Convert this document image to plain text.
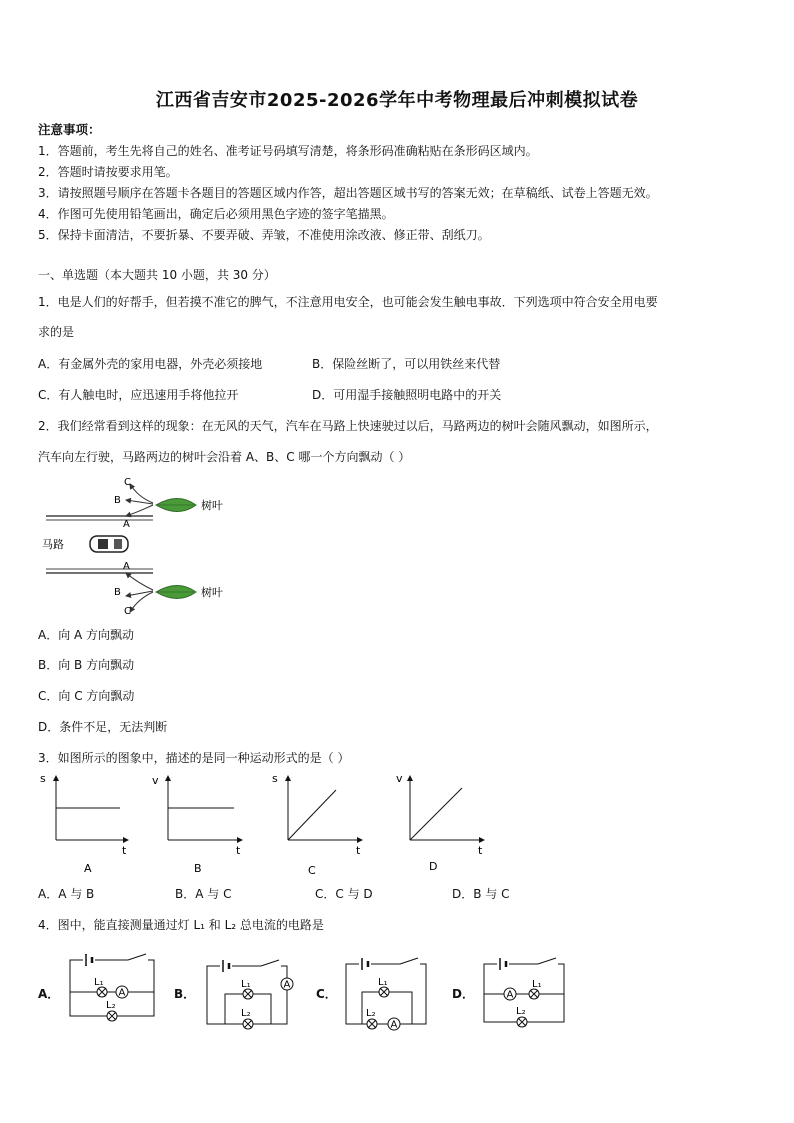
江西省吉安市2025-2026学年中考物理最后冲刺模拟试卷
注意事项：
1．答题前，考生先将自己的姓名、准考证号码填写清楚，将条形码准确粘贴在条形码区域内。
2．答题时请按要求用笔。
3．请按照题号顺序在答题卡各题目的答题区域内作答，超出答题区域书写的答案无效；在草稿纸、试卷上答题无效。
4．作图可先使用铅笔画出，确定后必须用黑色字迹的签字笔描黑。
5．保持卡面清洁，不要折暴、不要弄破、弄皱，不准使用涂改液、修正带、刮纸刀。
一、单选题（本大题共 10 小题，共 30 分）
1．电是人们的好帮手，但若摸不准它的脾气，不注意用电安全，也可能会发生触电事故．下列选项中符合安全用电要
求的是
A．有金属外壳的家用电器，外壳必须接地	B．保险丝断了，可以用铁丝来代替
C．有人触电时，应迅速用手将他拉开	D．可用湿手接触照明电路中的开关
2．我们经常看到这样的现象：在无风的天气，汽车在马路上快速驶过以后，马路两边的树叶会随风飘动，如图所示，
汽车向左行驶，马路两边的树叶会沿着 A、B、C 哪一个方向飘动（ ）
马路
C
B
A
树叶
A
B
C
树叶
A．向 A 方向飘动
B．向 B 方向飘动
C．向 C 方向飘动
D．条件不足，无法判断
3．如图所示的图象中，描述的是同一种运动形式的是（ ）
s
t
A
v
t
B
s
t
C
v
t
D
A．A 与 B	B．A 与 C	C．C 与 D	D．B 与 C
4．图中，能直接测量通过灯 L₁ 和 L₂ 总电流的电路是
A．	B．	C．	D．
A
L₁
L₂
A
L₁
L₂
L₁
L₂
A
A
L₁
L₂
